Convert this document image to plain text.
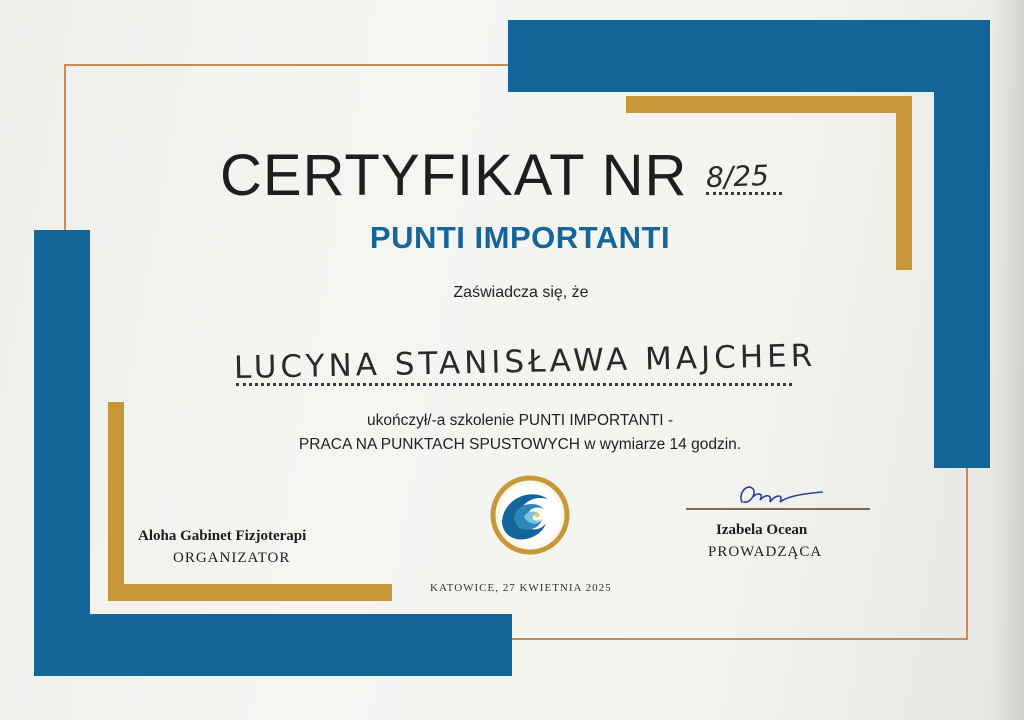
CERTYFIKAT NR 8/25
PUNTI IMPORTANTI
Zaświadcza się, że
LUCYNA STANISŁAWA MAJCHER
ukończył/-a szkolenie PUNTI IMPORTANTI -
PRACA NA PUNKTACH SPUSTOWYCH w wymiarze 14 godzin.
Aloha Gabinet Fizjoterapi
ORGANIZATOR
Izabela Ocean
PROWADZĄCA
KATOWICE, 27 KWIETNIA 2025
